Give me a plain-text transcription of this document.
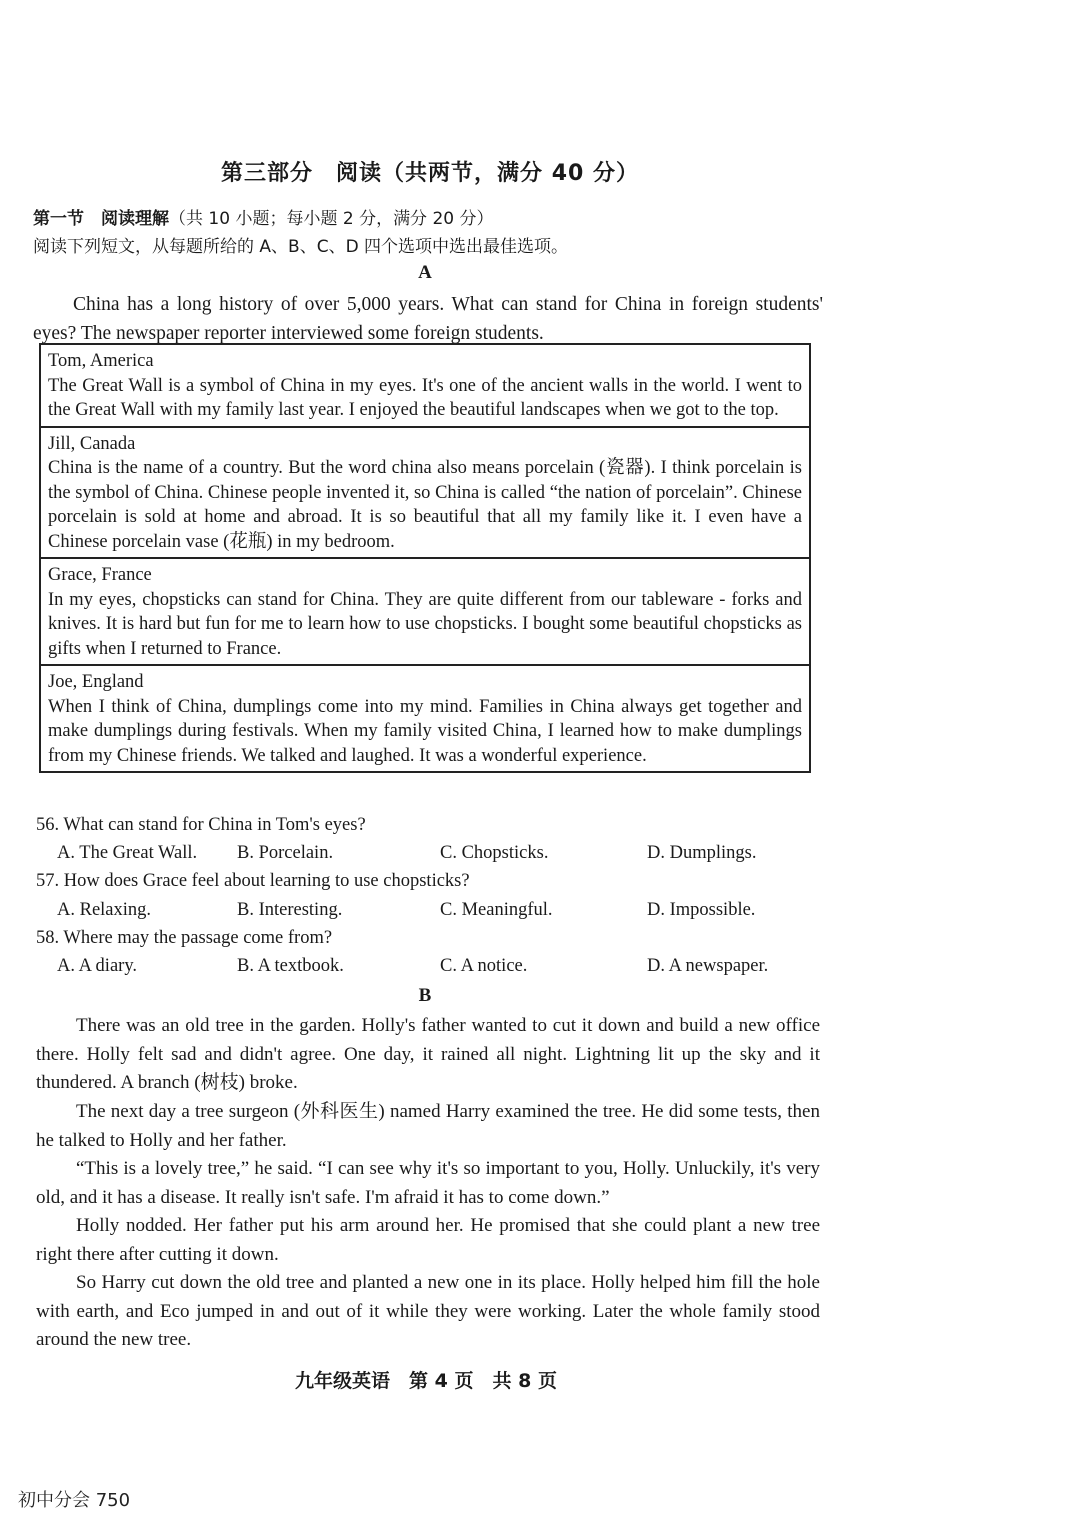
第三部分　阅读（共两节，满分 40 分）
第一节　阅读理解（共 10 小题；每小题 2 分，满分 20 分）
阅读下列短文，从每题所给的 A、B、C、D 四个选项中选出最佳选项。
A
China has a long history of over 5,000 years. What can stand for China in foreign students' eyes? The newspaper reporter interviewed some foreign students.
Tom, America
The Great Wall is a symbol of China in my eyes. It's one of the ancient walls in the world. I went to the Great Wall with my family last year. I enjoyed the beautiful landscapes when we got to the top.
Jill, Canada
China is the name of a country. But the word china also means porcelain (瓷器). I think porcelain is the symbol of China. Chinese people invented it, so China is called “the nation of porcelain”. Chinese porcelain is sold at home and abroad. It is so beautiful that all my family like it. I even have a Chinese porcelain vase (花瓶) in my bedroom.
Grace, France
In my eyes, chopsticks can stand for China. They are quite different from our tableware - forks and knives. It is hard but fun for me to learn how to use chopsticks. I bought some beautiful chopsticks as gifts when I returned to France.
Joe, England
When I think of China, dumplings come into my mind. Families in China always get together and make dumplings during festivals. When my family visited China, I learned how to make dumplings from my Chinese friends. We talked and laughed. It was a wonderful experience.
56. What can stand for China in Tom's eyes?
A. The Great Wall. B. Porcelain.	C. Chopsticks.	D. Dumplings.
57. How does Grace feel about learning to use chopsticks?
A. Relaxing.	B. Interesting.	C. Meaningful.	D. Impossible.
58. Where may the passage come from?
A. A diary.	B. A textbook.	C. A notice.	D. A newspaper.
B
There was an old tree in the garden. Holly's father wanted to cut it down and build a new office there. Holly felt sad and didn't agree. One day, it rained all night. Lightning lit up the sky and it thundered. A branch (树枝) broke.
The next day a tree surgeon (外科医生) named Harry examined the tree. He did some tests, then he talked to Holly and her father.
“This is a lovely tree,” he said. “I can see why it's so important to you, Holly. Unluckily, it's very old, and it has a disease. It really isn't safe. I'm afraid it has to come down.”
Holly nodded. Her father put his arm around her. He promised that she could plant a new tree right there after cutting it down.
So Harry cut down the old tree and planted a new one in its place. Holly helped him fill the hole with earth, and Eco jumped in and out of it while they were working. Later the whole family stood around the new tree.
九年级英语　第 4 页　共 8 页
初中分会 750
